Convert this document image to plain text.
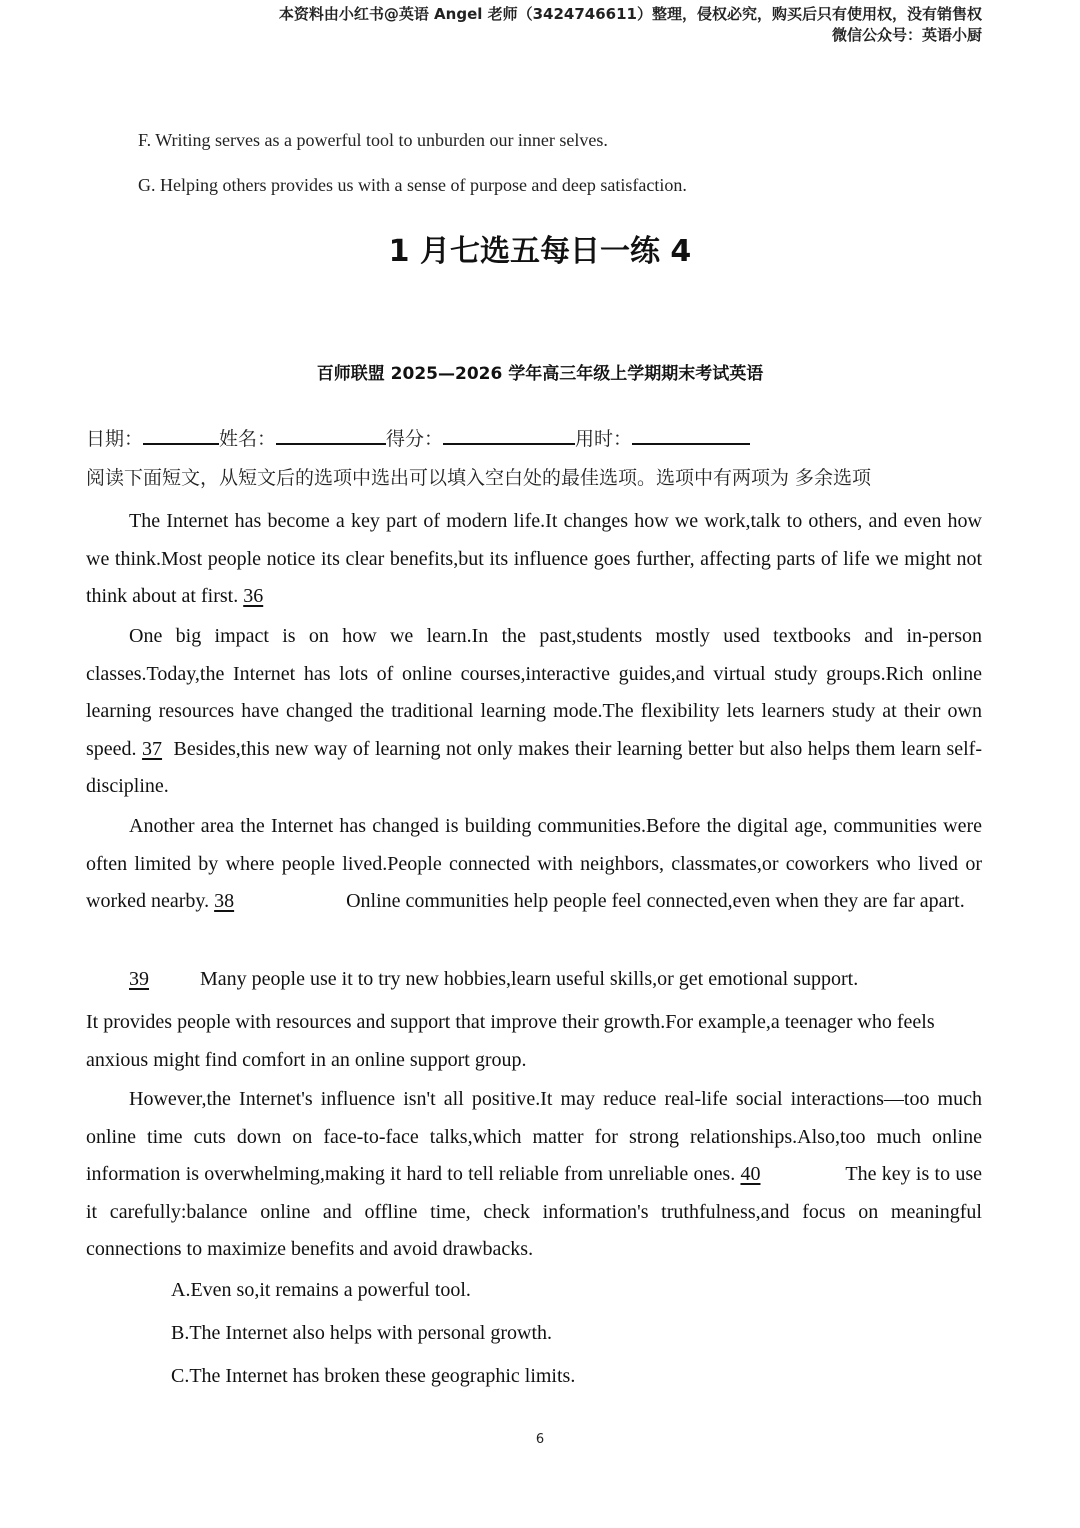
本资料由小红书@英语 Angel 老师（3424746611）整理，侵权必究，购买后只有使用权，没有销售权
微信公众号：英语小厨
F. Writing serves as a powerful tool to unburden our inner selves.
G. Helping others provides us with a sense of purpose and deep satisfaction.
1 月七选五每日一练 4
百师联盟 2025—2026 学年高三年级上学期期末考试英语
日期：	姓名：	得分：	用时：
阅读下面短文，从短文后的选项中选出可以填入空白处的最佳选项。选项中有两项为 多余选项

The Internet has become a key part of modern life.It changes how we work,talk to others, and even how we think.Most people notice its clear benefits,but its influence goes further, affecting parts of life we might not think about at first. 36

One big impact is on how we learn.In the past,students mostly used textbooks and in-person classes.Today,the Internet has lots of online courses,interactive guides,and virtual study groups.Rich online learning resources have changed the traditional learning mode.The flexibility lets learners study at their own speed. 37 Besides,this new way of learning not only makes their learning better but also helps them learn self-discipline.

Another area the Internet has changed is building communities.Before the digital age, communities were often limited by where people lived.People connected with neighbors, classmates,or coworkers who lived or worked nearby. 38	Online communities help people feel connected,even when they are far apart.

39 Many people use it to try new hobbies,learn useful skills,or get emotional support.

It provides people with resources and support that improve their growth.For example,a teenager who feels anxious might find comfort in an online support group.

However,the Internet's influence isn't all positive.It may reduce real-life social interactions—too much online time cuts down on face-to-face talks,which matter for strong relationships.Also,too much online information is overwhelming,making it hard to tell reliable from unreliable ones. 40	The key is to use it carefully:balance online and offline time, check information's truthfulness,and focus on meaningful connections to maximize benefits and avoid drawbacks.

A.Even so,it remains a powerful tool.
B.The Internet also helps with personal growth.
C.The Internet has broken these geographic limits.
6
